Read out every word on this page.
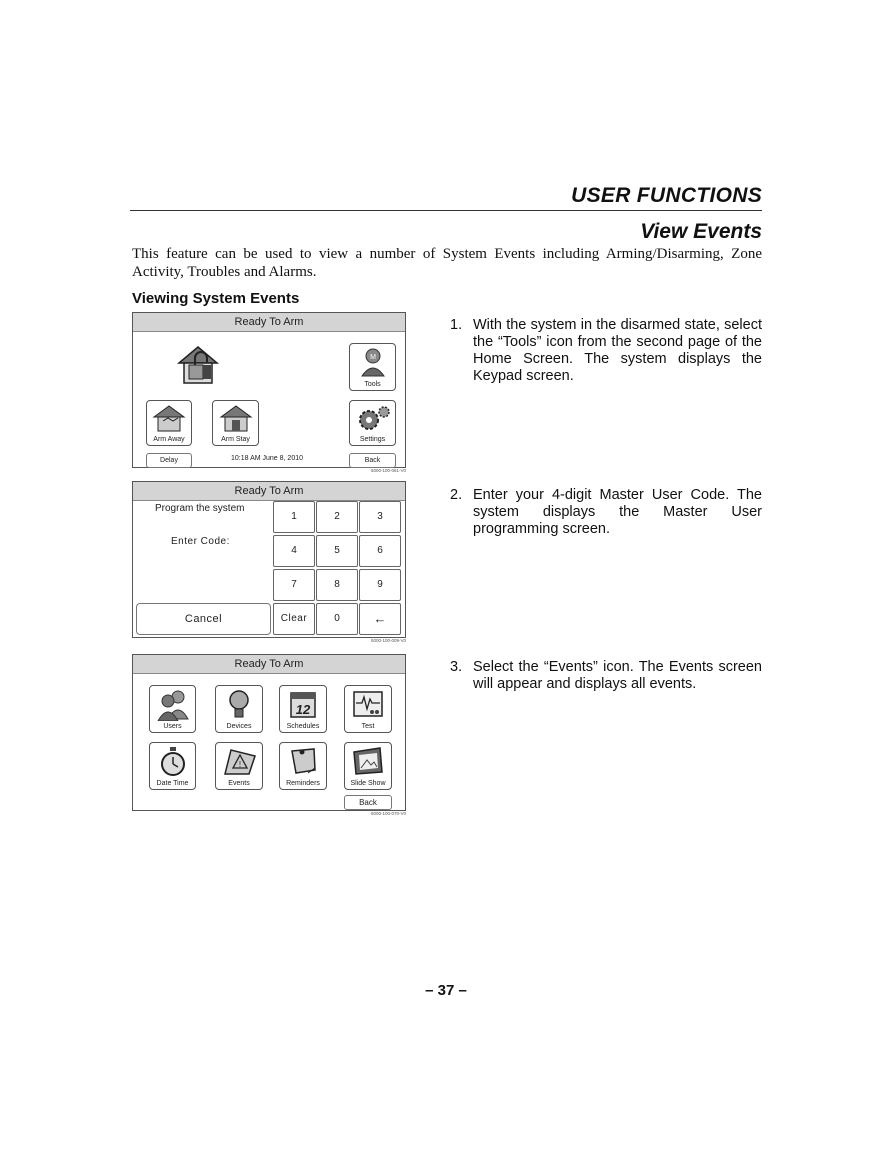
USER FUNCTIONS
View Events
This feature can be used to view a number of System Events including Arming/Disarming, Zone Activity, Troubles and Alarms.
Viewing System Events
Ready To Arm
M
Tools
Arm Away	Arm Stay	Settings
Delay	10:18 AM June 8, 2010	Back
5000-100-061-V0
Ready To Arm
Program the system
Enter Code:
Cancel
1	2	3
4	5	6
7	8	9
Clear	0	←
5000-100-009-V0
Ready To Arm
Users	Devices
12
Schedules	Test
Date Time
!
Events	Reminders	Slide Show
Back
5000-100-070-V0
1. With the system in the disarmed state, select the “Tools” icon from the second page of the Home Screen. The system displays the Keypad screen.
2. Enter your 4-digit Master User Code. The system displays the Master User programming screen.
3. Select the “Events” icon. The Events screen will appear and displays all events.
– 37 –
